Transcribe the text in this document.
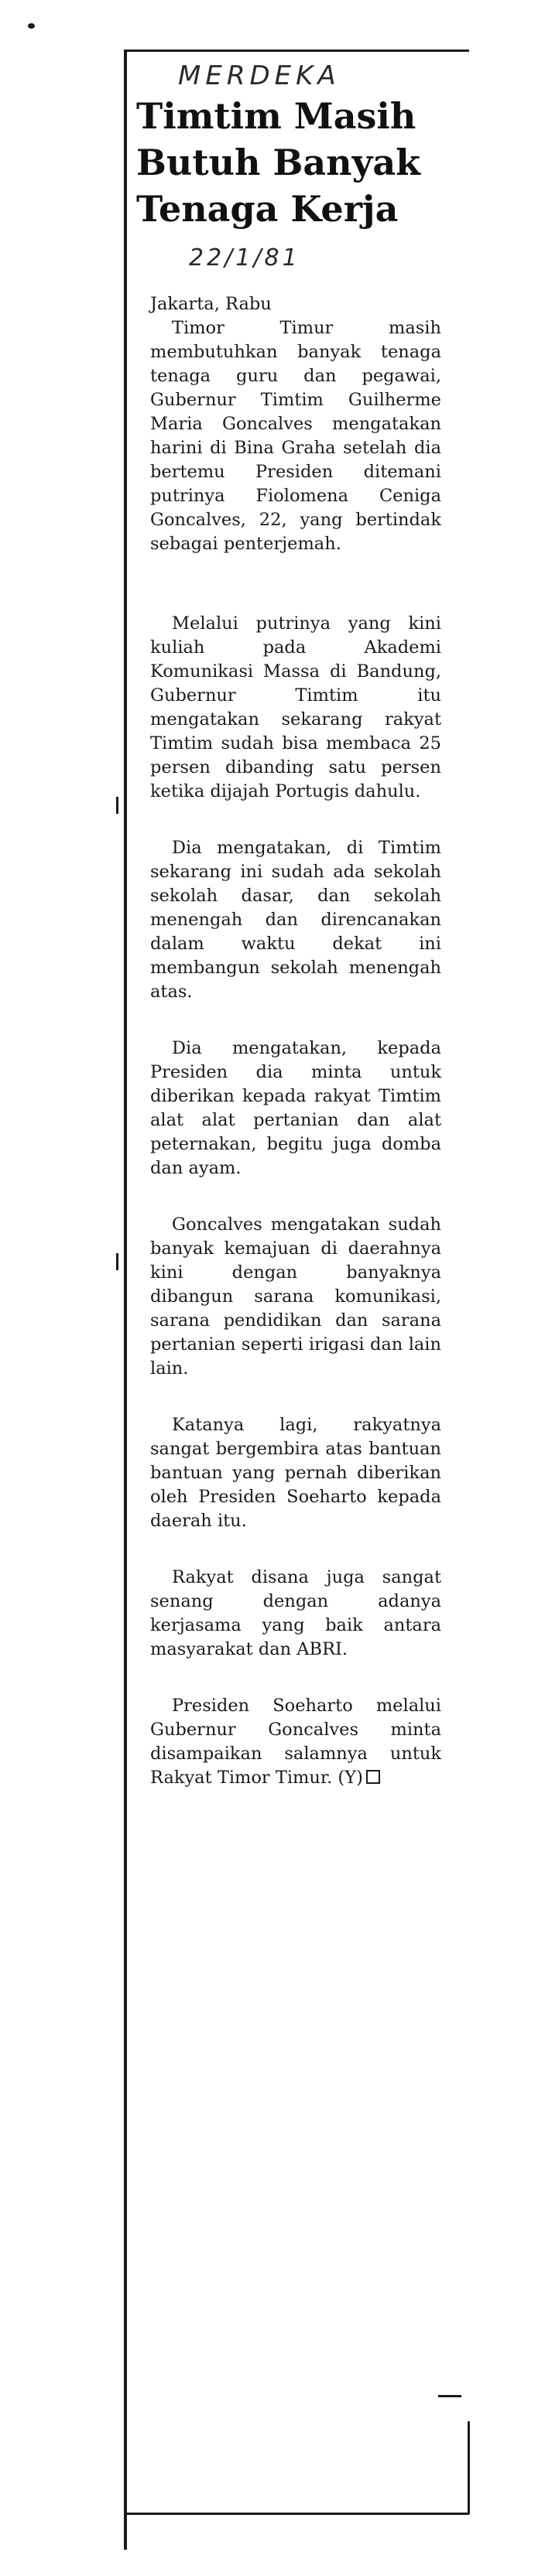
MERDEKA
Timtim Masih Butuh Banyak Tenaga Kerja
22/1/81

Jakarta, Rabu

Timor Timur masih membutuhkan banyak tenaga tenaga guru dan pegawai, Gubernur Timtim Guilherme Maria Goncalves mengatakan harini di Bina Graha setelah dia bertemu Presiden ditemani putrinya Fiolomena Ceniga Goncalves, 22, yang bertindak sebagai penterjemah.

Melalui putrinya yang kini kuliah pada Akademi Komunikasi Massa di Bandung, Gubernur Timtim itu mengatakan sekarang rakyat Timtim sudah bisa membaca 25 persen dibanding satu persen ketika dijajah Portugis dahulu.

Dia mengatakan, di Timtim sekarang ini sudah ada sekolah sekolah dasar, dan sekolah menengah dan direncanakan dalam waktu dekat ini membangun sekolah menengah atas.

Dia mengatakan, kepada Presiden dia minta untuk diberikan kepada rakyat Timtim alat alat pertanian dan alat peternakan, begitu juga domba dan ayam.

Goncalves mengatakan sudah banyak kemajuan di daerahnya kini dengan banyaknya dibangun sarana komunikasi, sarana pendidikan dan sarana pertanian seperti irigasi dan lain lain.

Katanya lagi, rakyatnya sangat bergembira atas bantuan bantuan yang pernah diberikan oleh Presiden Soeharto kepada daerah itu.

Rakyat disana juga sangat senang dengan adanya kerjasama yang baik antara masyarakat dan ABRI.

Presiden Soeharto melalui Gubernur Goncalves minta disampaikan salamnya untuk Rakyat Timor Timur. (Y)
